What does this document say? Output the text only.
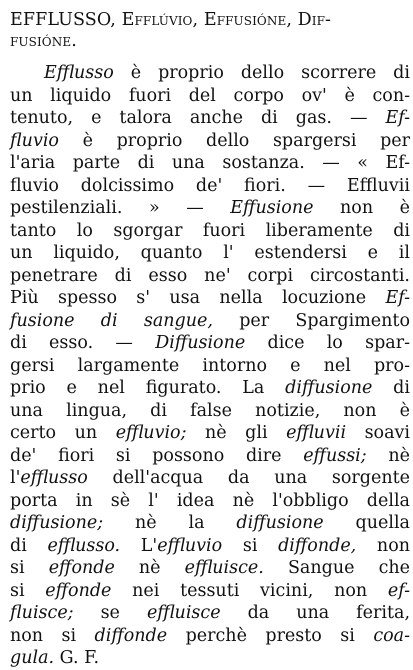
EFFLUSSO, Efflúvio, Effusióne, Dif-
fusióne.
Efflusso è proprio dello scorrere di
un liquido fuori del corpo ov' è con-
tenuto, e talora anche di gas. — Ef-
fluvio è proprio dello spargersi per
l'aria parte di una sostanza. — « Ef-
fluvio dolcissimo de' fiori. — Effluvii
pestilenziali. » — Effusione non è
tanto lo sgorgar fuori liberamente di
un liquido, quanto l' estendersi e il
penetrare di esso ne' corpi circostanti.
Più spesso s' usa nella locuzione Ef-
fusione di sangue, per Spargimento
di esso. — Diffusione dice lo spar-
gersi largamente intorno e nel pro-
prio e nel figurato. La diffusione di
una lingua, di false notizie, non è
certo un effluvio; nè gli effluvii soavi
de' fiori si possono dire effussi; nè
l'efflusso dell'acqua da una sorgente
porta in sè l' idea nè l'obbligo della
diffusione; nè la diffusione quella
di efflusso. L'effluvio si diffonde, non
si effonde nè effluisce. Sangue che
si effonde nei tessuti vicini, non ef-
fluisce; se effluisce da una ferita,
non si diffonde perchè presto si coa-
gula. G. F.
